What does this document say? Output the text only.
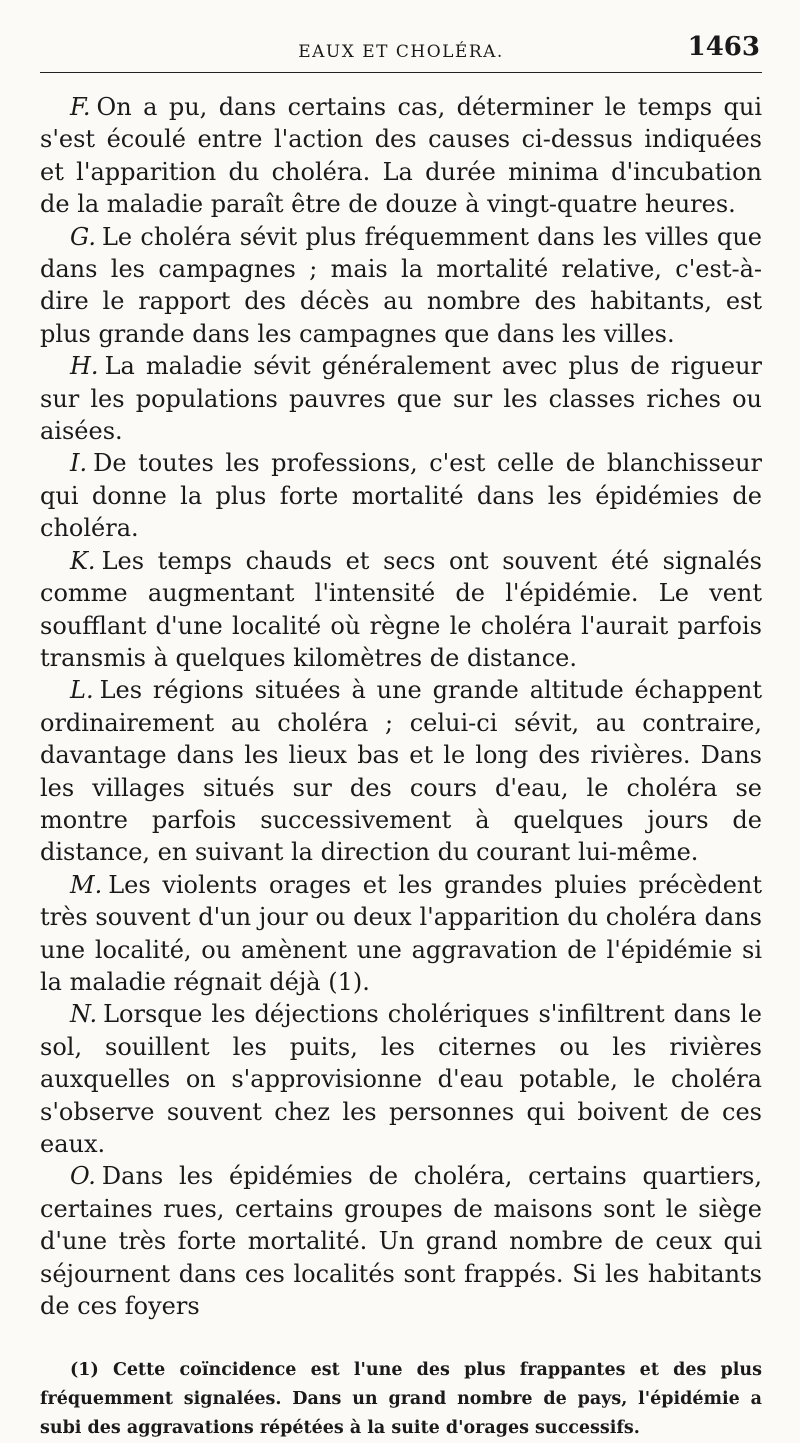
EAUX ET CHOLÉRA.	1463

F. On a pu, dans certains cas, déterminer le temps qui s'est écoulé entre l'action des causes ci-dessus indiquées et l'apparition du choléra. La durée minima d'incubation de la maladie paraît être de douze à vingt-quatre heures.

G. Le choléra sévit plus fréquemment dans les villes que dans les campagnes ; mais la mortalité relative, c'est-à-dire le rapport des décès au nombre des habitants, est plus grande dans les campagnes que dans les villes.

H. La maladie sévit généralement avec plus de rigueur sur les populations pauvres que sur les classes riches ou aisées.

I. De toutes les professions, c'est celle de blanchisseur qui donne la plus forte mortalité dans les épidémies de choléra.

K. Les temps chauds et secs ont souvent été signalés comme augmentant l'intensité de l'épidémie. Le vent soufflant d'une localité où règne le choléra l'aurait parfois transmis à quelques kilomètres de distance.

L. Les régions situées à une grande altitude échappent ordinairement au choléra ; celui-ci sévit, au contraire, davantage dans les lieux bas et le long des rivières. Dans les villages situés sur des cours d'eau, le choléra se montre parfois successivement à quelques jours de distance, en suivant la direction du courant lui-même.

M. Les violents orages et les grandes pluies précèdent très souvent d'un jour ou deux l'apparition du choléra dans une localité, ou amènent une aggravation de l'épidémie si la maladie régnait déjà (1).

N. Lorsque les déjections cholériques s'infiltrent dans le sol, souillent les puits, les citernes ou les rivières auxquelles on s'approvisionne d'eau potable, le choléra s'observe souvent chez les personnes qui boivent de ces eaux.

O. Dans les épidémies de choléra, certains quartiers, certaines rues, certains groupes de maisons sont le siège d'une très forte mortalité. Un grand nombre de ceux qui séjournent dans ces localités sont frappés. Si les habitants de ces foyers

(1) Cette coïncidence est l'une des plus frappantes et des plus fréquemment signalées. Dans un grand nombre de pays, l'épidémie a subi des aggravations répétées à la suite d'orages successifs.
